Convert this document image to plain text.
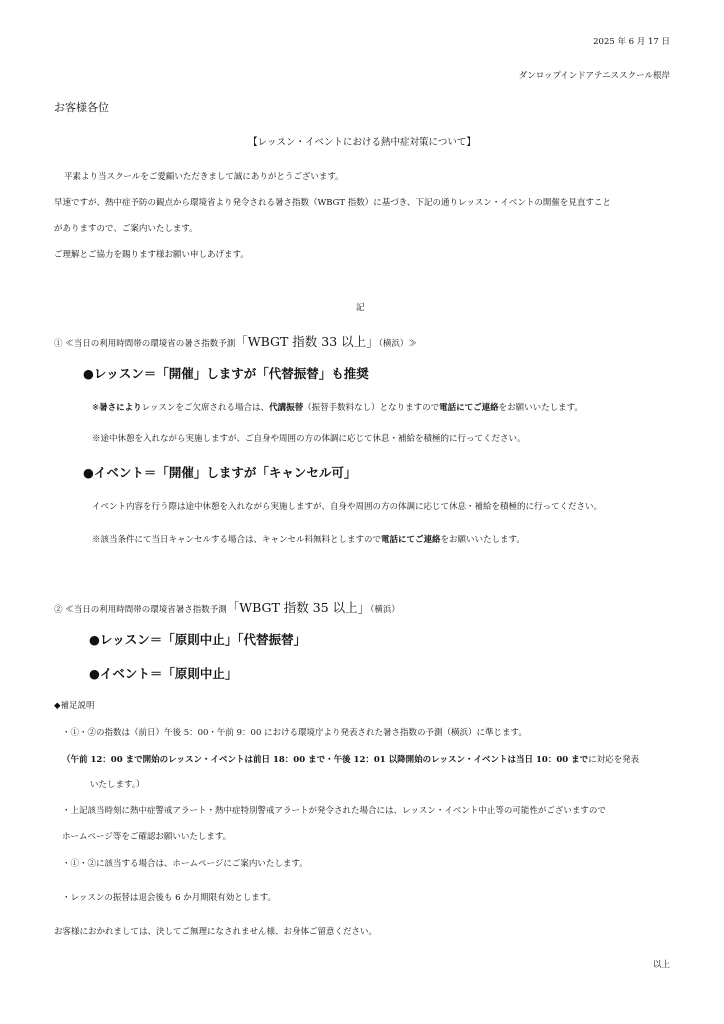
2025 年 6 月 17 日
ダンロップインドアテニススクール根岸
お客様各位
【レッスン・イベントにおける熱中症対策について】
平素より当スクールをご愛顧いただきまして誠にありがとうございます。
早速ですが、熱中症予防の観点から環境省より発令される暑さ指数（WBGT 指数）に基づき、下記の通りレッスン・イベントの開催を見直すこと
がありますので、ご案内いたします。
ご理解とご協力を賜ります様お願い申しあげます。
記
① ≪当日の利用時間帯の環境省の暑さ指数予測「WBGT 指数 33 以上」（横浜）≫
●レッスン＝「開催」しますが「代替振替」も推奨
※暑さによりレッスンをご欠席される場合は、代講振替（振替手数料なし）となりますので電話にてご連絡をお願いいたします。
※途中休憩を入れながら実施しますが、ご自身や周囲の方の体調に応じて休息・補給を積極的に行ってください。
●イベント＝「開催」しますが「キャンセル可」
イベント内容を行う際は途中休憩を入れながら実施しますが、自身や周囲の方の体調に応じて休息・補給を積極的に行ってください。
※該当条件にて当日キャンセルする場合は、キャンセル料無料としますので電話にてご連絡をお願いいたします。
② ≪当日の利用時間帯の環境省暑さ指数予測「WBGT 指数 35 以上」（横浜）
●レッスン＝「原則中止」「代替振替」
●イベント＝「原則中止」
◆補足説明
・①・②の指数は（前日）午後 5：00・午前 9：00 における環境庁より発表された暑さ指数の予測（横浜）に準じます。
（午前 12：00 まで開始のレッスン・イベントは前日 18：00 まで・午後 12：01 以降開始のレッスン・イベントは当日 10：00 までに対応を発表
いたします。）
・上記該当時刻に熱中症警戒アラート・熱中症特別警戒アラートが発令された場合には、レッスン・イベント中止等の可能性がございますので
ホームページ等をご確認お願いいたします。
・①・②に該当する場合は、ホームページにご案内いたします。
・レッスンの振替は退会後も 6 か月期限有効とします。
お客様におかれましては、決してご無理になされません様、お身体ご留意ください。
以上
